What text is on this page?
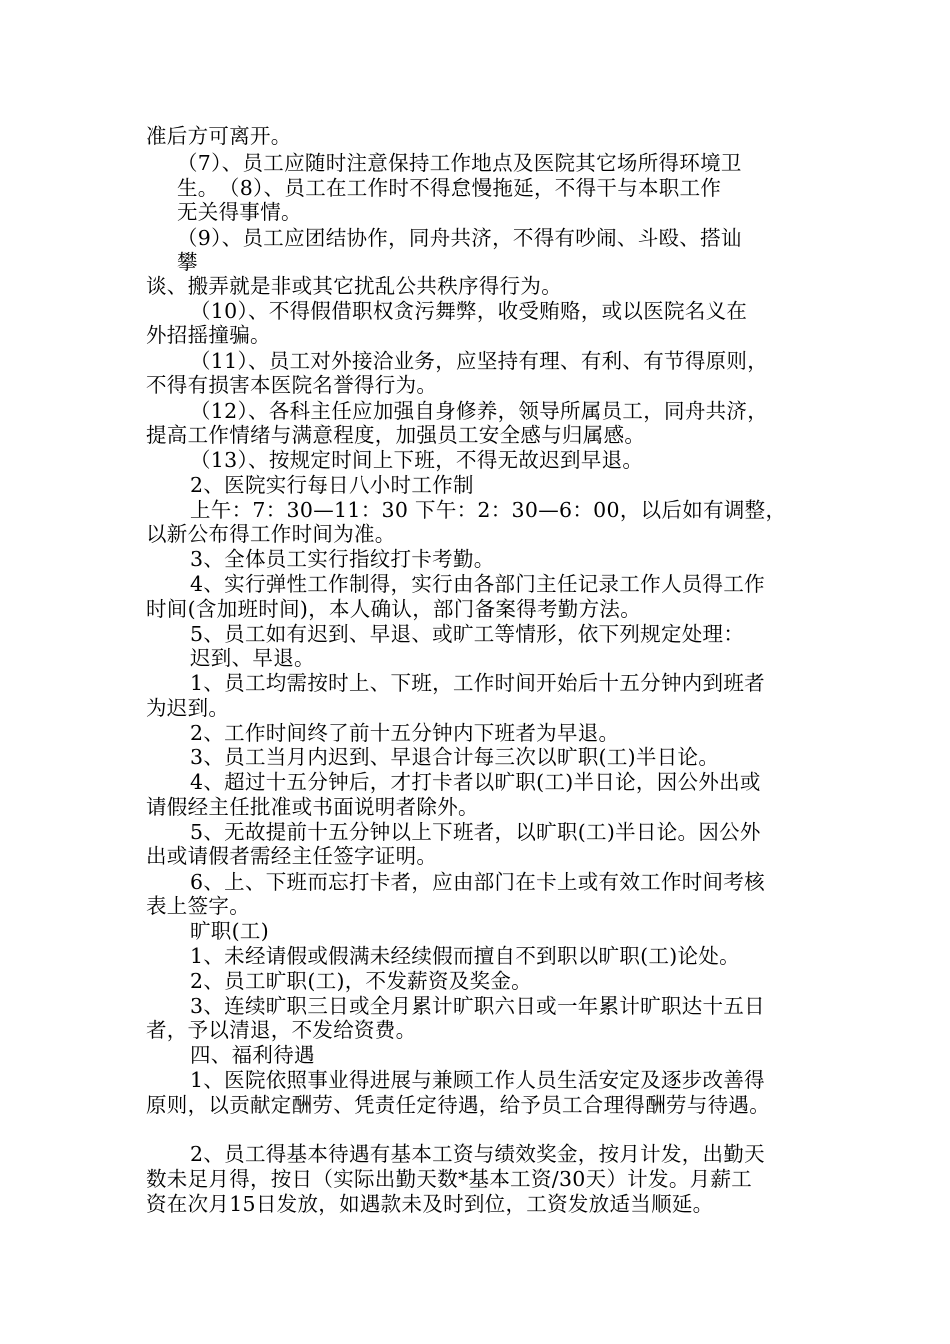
准后方可离开。
（7）、员工应随时注意保持工作地点及医院其它场所得环境卫
生。　（8）、员工在工作时不得怠慢拖延，不得干与本职工作
无关得事情。
（9）、员工应团结协作，同舟共济，不得有吵闹、斗殴、搭讪
攀
谈、搬弄就是非或其它扰乱公共秩序得行为。
（10）、不得假借职权贪污舞弊，收受贿赂，或以医院名义在
外招摇撞骗。
（11）、员工对外接洽业务，应坚持有理、有利、有节得原则，
不得有损害本医院名誉得行为。
（12）、各科主任应加强自身修养，领导所属员工，同舟共济，
提高工作情绪与满意程度，加强员工安全感与归属感。
（13）、按规定时间上下班，不得无故迟到早退。
2、医院实行每日八小时工作制
上午：7：30—11：30 下午：2：30—6：00，以后如有调整，
以新公布得工作时间为准。
3、全体员工实行指纹打卡考勤。
4、实行弹性工作制得，实行由各部门主任记录工作人员得工作
时间(含加班时间)，本人确认，部门备案得考勤方法。
5、员工如有迟到、早退、或旷工等情形，依下列规定处理：
迟到、早退。
1、员工均需按时上、下班，工作时间开始后十五分钟内到班者
为迟到。
2、工作时间终了前十五分钟内下班者为早退。
3、员工当月内迟到、早退合计每三次以旷职(工)半日论。
4、超过十五分钟后，才打卡者以旷职(工)半日论，因公外出或
请假经主任批准或书面说明者除外。
5、无故提前十五分钟以上下班者，以旷职(工)半日论。因公外
出或请假者需经主任签字证明。
6、上、下班而忘打卡者，应由部门在卡上或有效工作时间考核
表上签字。
旷职(工)
1、未经请假或假满未经续假而擅自不到职以旷职(工)论处。
2、员工旷职(工)，不发薪资及奖金。
3、连续旷职三日或全月累计旷职六日或一年累计旷职达十五日
者，予以清退，不发给资费。
四、福利待遇
1、医院依照事业得进展与兼顾工作人员生活安定及逐步改善得
原则，以贡献定酬劳、凭责任定待遇，给予员工合理得酬劳与待遇。
2、员工得基本待遇有基本工资与绩效奖金，按月计发，出勤天
数未足月得，按日（实际出勤天数*基本工资/30天）计发。月薪工
资在次月15日发放，如遇款未及时到位，工资发放适当顺延。
